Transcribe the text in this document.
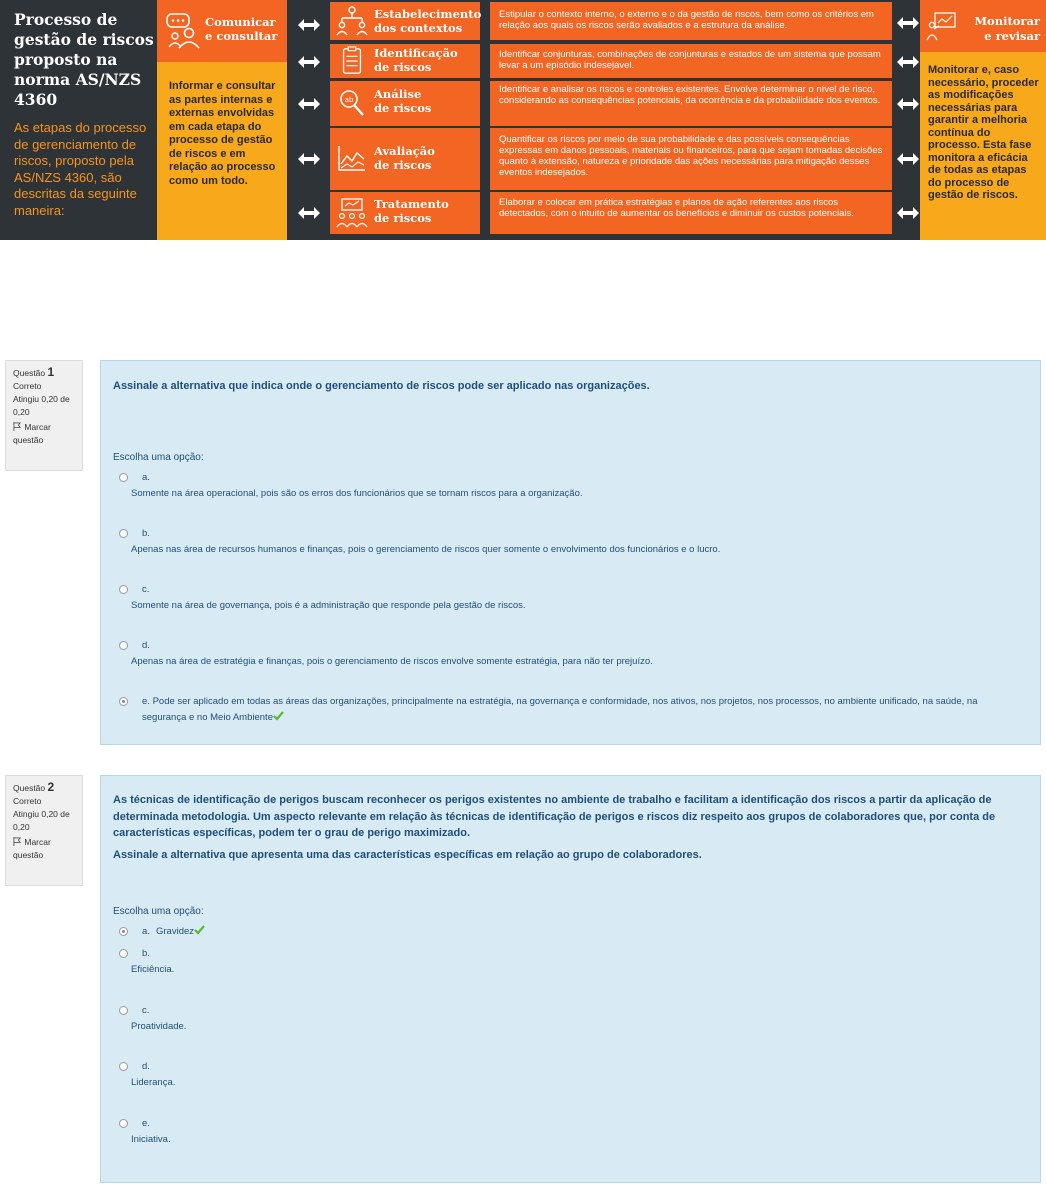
Processo de gestão de riscos proposto na norma AS/NZS 4360
As etapas do processo de gerenciamento de riscos, proposto pela AS/NZS 4360, são descritas da seguinte maneira:
Comunicar
e consultar
Informar e consultar as partes internas e externas envolvidas em cada etapa do processo de gestão de riscos e em relação ao processo como um todo.
Estabelecimento
dos contextos
Identificação
de riscos
ab Análise
de riscos
Avaliação
de riscos
Tratamento
de riscos
Estipular o contexto interno, o externo e o da gestão de riscos, bem como os critérios em relação aos quais os riscos serão avaliados e a estrutura da análise.
Identificar conjunturas, combinações de conjunturas e estados de um sistema que possam levar a um episódio indesejável.
Identificar e analisar os riscos e controles existentes. Envolve determinar o nível de risco, considerando as consequências potenciais, da ocorrência e da probabilidade dos eventos.
Quantificar os riscos por meio de sua probabilidade e das possíveis consequências expressas em danos pessoais, materiais ou financeiros, para que sejam tomadas decisões quanto à extensão, natureza e prioridade das ações necessárias para mitigação desses eventos indesejados.
Elaborar e colocar em prática estratégias e planos de ação referentes aos riscos detectados, com o intuito de aumentar os benefícios e diminuir os custos potenciais.
Monitorar
e revisar
Monitorar e, caso necessário, proceder as modificações necessárias para garantir a melhoria contínua do processo. Esta fase monitora a eficácia de todas as etapas do processo de gestão de riscos.
Questão 1
Correto
Atingiu 0,20 de 0,20
Marcar questão
Assinale a alternativa que indica onde o gerenciamento de riscos pode ser aplicado nas organizações.
Escolha uma opção:
a.
Somente na área operacional, pois são os erros dos funcionários que se tornam riscos para a organização.
b.
Apenas nas área de recursos humanos e finanças, pois o gerenciamento de riscos quer somente o envolvimento dos funcionários e o lucro.
c.
Somente na área de governança, pois é a administração que responde pela gestão de riscos.
d.
Apenas na área de estratégia e finanças, pois o gerenciamento de riscos envolve somente estratégia, para não ter prejuízo.
e. Pode ser aplicado em todas as áreas das organizações, principalmente na estratégia, na governança e conformidade, nos ativos, nos projetos, nos processos, no ambiente unificado, na saúde, na segurança e no Meio Ambiente
Questão 2
Correto
Atingiu 0,20 de 0,20
Marcar questão
As técnicas de identificação de perigos buscam reconhecer os perigos existentes no ambiente de trabalho e facilitam a identificação dos riscos a partir da aplicação de determinada metodologia. Um aspecto relevante em relação às técnicas de identificação de perigos e riscos diz respeito aos grupos de colaboradores que, por conta de características específicas, podem ter o grau de perigo maximizado.
Assinale a alternativa que apresenta uma das características específicas em relação ao grupo de colaboradores.
Escolha uma opção:
a. Gravidez
b.
Eficiência.
c.
Proatividade.
d.
Liderança.
e.
Iniciativa.
